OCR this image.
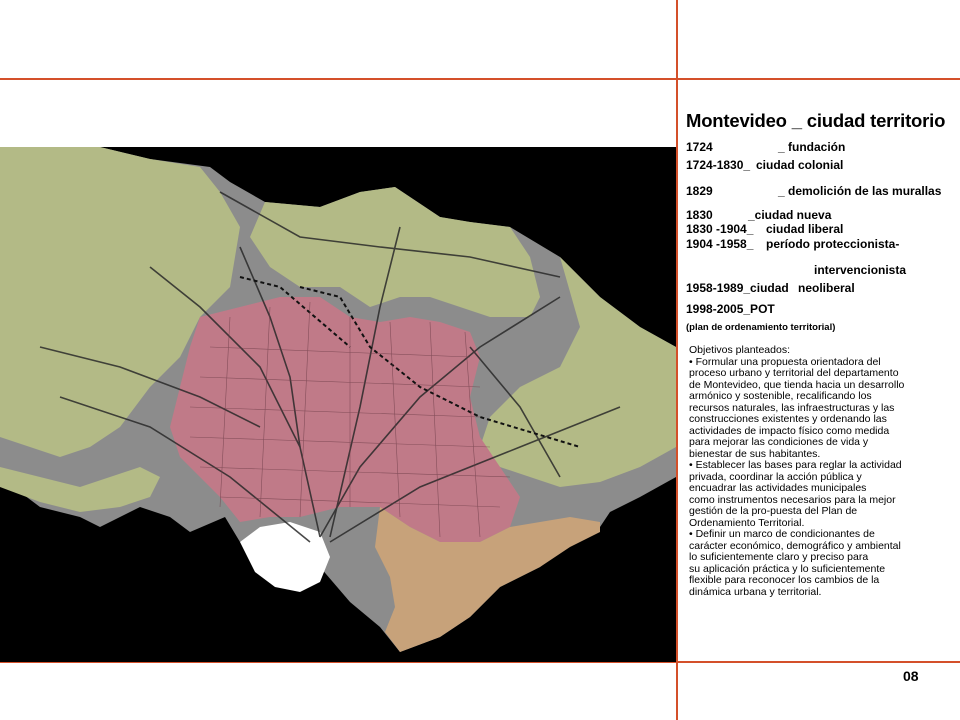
Montevideo _ ciudad territorio
1724	_ fundación
1724-1830_ ciudad colonial
1829	_ demolición de las murallas
1830	_ciudad nueva
1830 -1904_ ciudad liberal
1904 -1958_ período proteccionista-
intervencionista
1958-1989_ciudad neoliberal
1998-2005_POT
(plan de ordenamiento territorial)
Objetivos planteados:
• Formular una propuesta orientadora del
proceso urbano y territorial del departamento
de Montevideo, que tienda hacia un desarrollo
armónico y sostenible, recalificando los
recursos naturales, las infraestructuras y las
construcciones existentes y ordenando las
actividades de impacto físico como medida
para mejorar las condiciones de vida y
bienestar de sus habitantes.
• Establecer las bases para reglar la actividad
privada, coordinar la acción pública y
encuadrar las actividades municipales
como instrumentos necesarios para la mejor
gestión de la pro-puesta del Plan de
Ordenamiento Territorial.
• Definir un marco de condicionantes de
carácter económico, demográfico y ambiental
lo suficientemente claro y preciso para
su aplicación práctica y lo suficientemente
flexible para reconocer los cambios de la
dinámica urbana y territorial.
08
